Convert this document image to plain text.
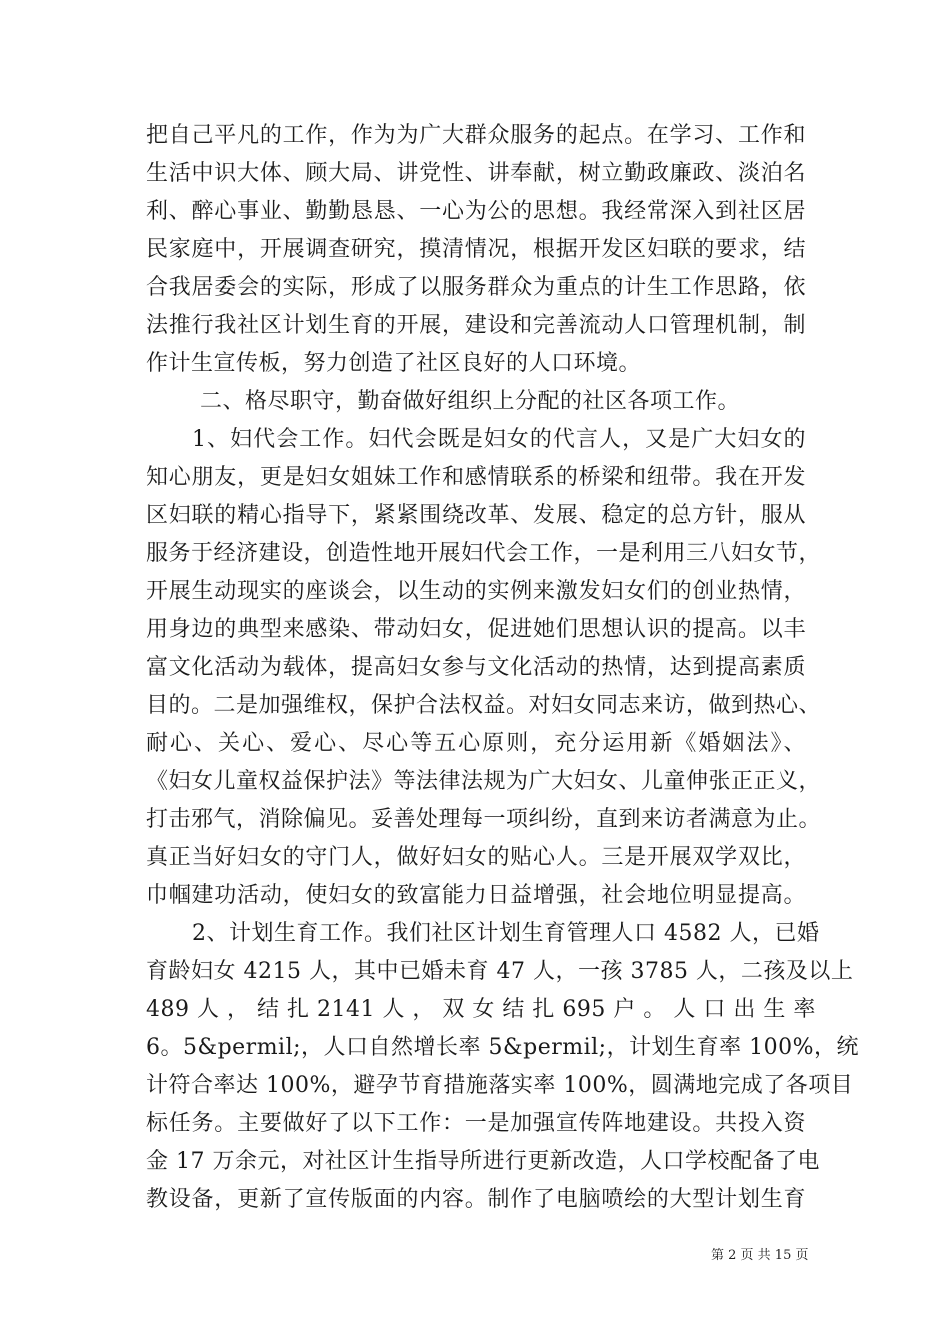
把自己平凡的工作，作为为广大群众服务的起点。在学习、工作和
生活中识大体、顾大局、讲党性、讲奉献，树立勤政廉政、淡泊名
利、醉心事业、勤勤恳恳、一心为公的思想。我经常深入到社区居
民家庭中，开展调查研究，摸清情况，根据开发区妇联的要求，结
合我居委会的实际，形成了以服务群众为重点的计生工作思路，依
法推行我社区计划生育的开展，建设和完善流动人口管理机制，制
作计生宣传板，努力创造了社区良好的人口环境。
二、格尽职守，勤奋做好组织上分配的社区各项工作。
1、妇代会工作。妇代会既是妇女的代言人，又是广大妇女的
知心朋友，更是妇女姐妹工作和感情联系的桥梁和纽带。我在开发
区妇联的精心指导下，紧紧围绕改革、发展、稳定的总方针，服从
服务于经济建设，创造性地开展妇代会工作，一是利用三八妇女节，
开展生动现实的座谈会，以生动的实例来激发妇女们的创业热情，
用身边的典型来感染、带动妇女，促进她们思想认识的提高。以丰
富文化活动为载体，提高妇女参与文化活动的热情，达到提高素质
目的。二是加强维权，保护合法权益。对妇女同志来访，做到热心、
耐心、关心、爱心、尽心等五心原则，充分运用新《婚姻法》、
《妇女儿童权益保护法》等法律法规为广大妇女、儿童伸张正正义，
打击邪气，消除偏见。妥善处理每一项纠纷，直到来访者满意为止。
真正当好妇女的守门人，做好妇女的贴心人。三是开展双学双比，
巾帼建功活动，使妇女的致富能力日益增强，社会地位明显提高。
2、计划生育工作。我们社区计划生育管理人口 4582 人，已婚
育龄妇女 4215 人，其中已婚未育 47 人，一孩 3785 人，二孩及以上
489 人 ， 结 扎 2141 人 ， 双 女 结 扎 695 户 。 人 口 出 生 率
6。5&permil;，人口自然增长率 5&permil;，计划生育率 100%，统
计符合率达 100%，避孕节育措施落实率 100%，圆满地完成了各项目
标任务。主要做好了以下工作：一是加强宣传阵地建设。共投入资
金 17 万余元，对社区计生指导所进行更新改造，人口学校配备了电
教设备，更新了宣传版面的内容。制作了电脑喷绘的大型计划生育
第 2 页 共 15 页
